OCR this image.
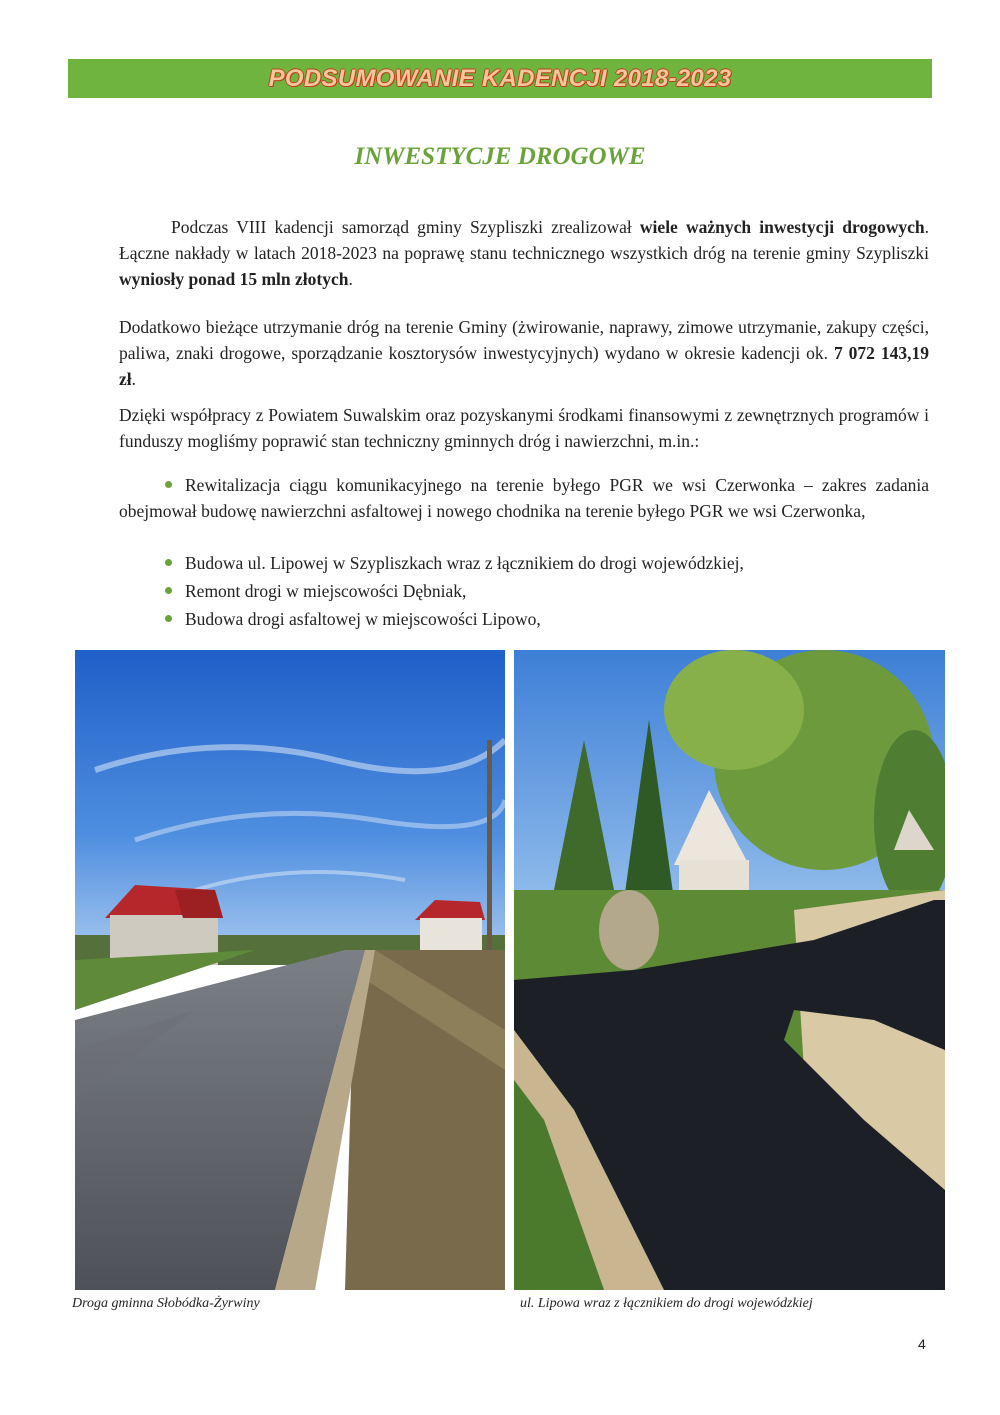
PODSUMOWANIE KADENCJI 2018-2023
INWESTYCJE DROGOWE

Podczas VIII kadencji samorząd gminy Szypliszki zrealizował wiele ważnych inwestycji drogowych. Łączne nakłady w latach 2018-2023 na poprawę stanu technicznego wszystkich dróg na terenie gminy Szypliszki wyniosły ponad 15 mln złotych.

Dodatkowo bieżące utrzymanie dróg na terenie Gminy (żwirowanie, naprawy, zimowe utrzymanie, zakupy części, paliwa, znaki drogowe, sporządzanie kosztorysów inwestycyjnych) wydano w okresie kadencji ok. 7 072 143,19 zł.

Dzięki współpracy z Powiatem Suwalskim oraz pozyskanymi środkami finansowymi z zewnętrznych programów i funduszy mogliśmy poprawić stan techniczny gminnych dróg i nawierzchni, m.in.:

Rewitalizacja ciągu komunikacyjnego na terenie byłego PGR we wsi Czerwonka – zakres zadania obejmował budowę nawierzchni asfaltowej i nowego chodnika na terenie byłego PGR we wsi Czerwonka,
Budowa ul. Lipowej w Szypliszkach wraz z łącznikiem do drogi wojewódzkiej,
Remont drogi w miejscowości Dębniak,
Budowa drogi asfaltowej w miejscowości Lipowo,
Droga gminna Słobódka-Żyrwiny	ul. Lipowa wraz z łącznikiem do drogi wojewódzkiej
4
